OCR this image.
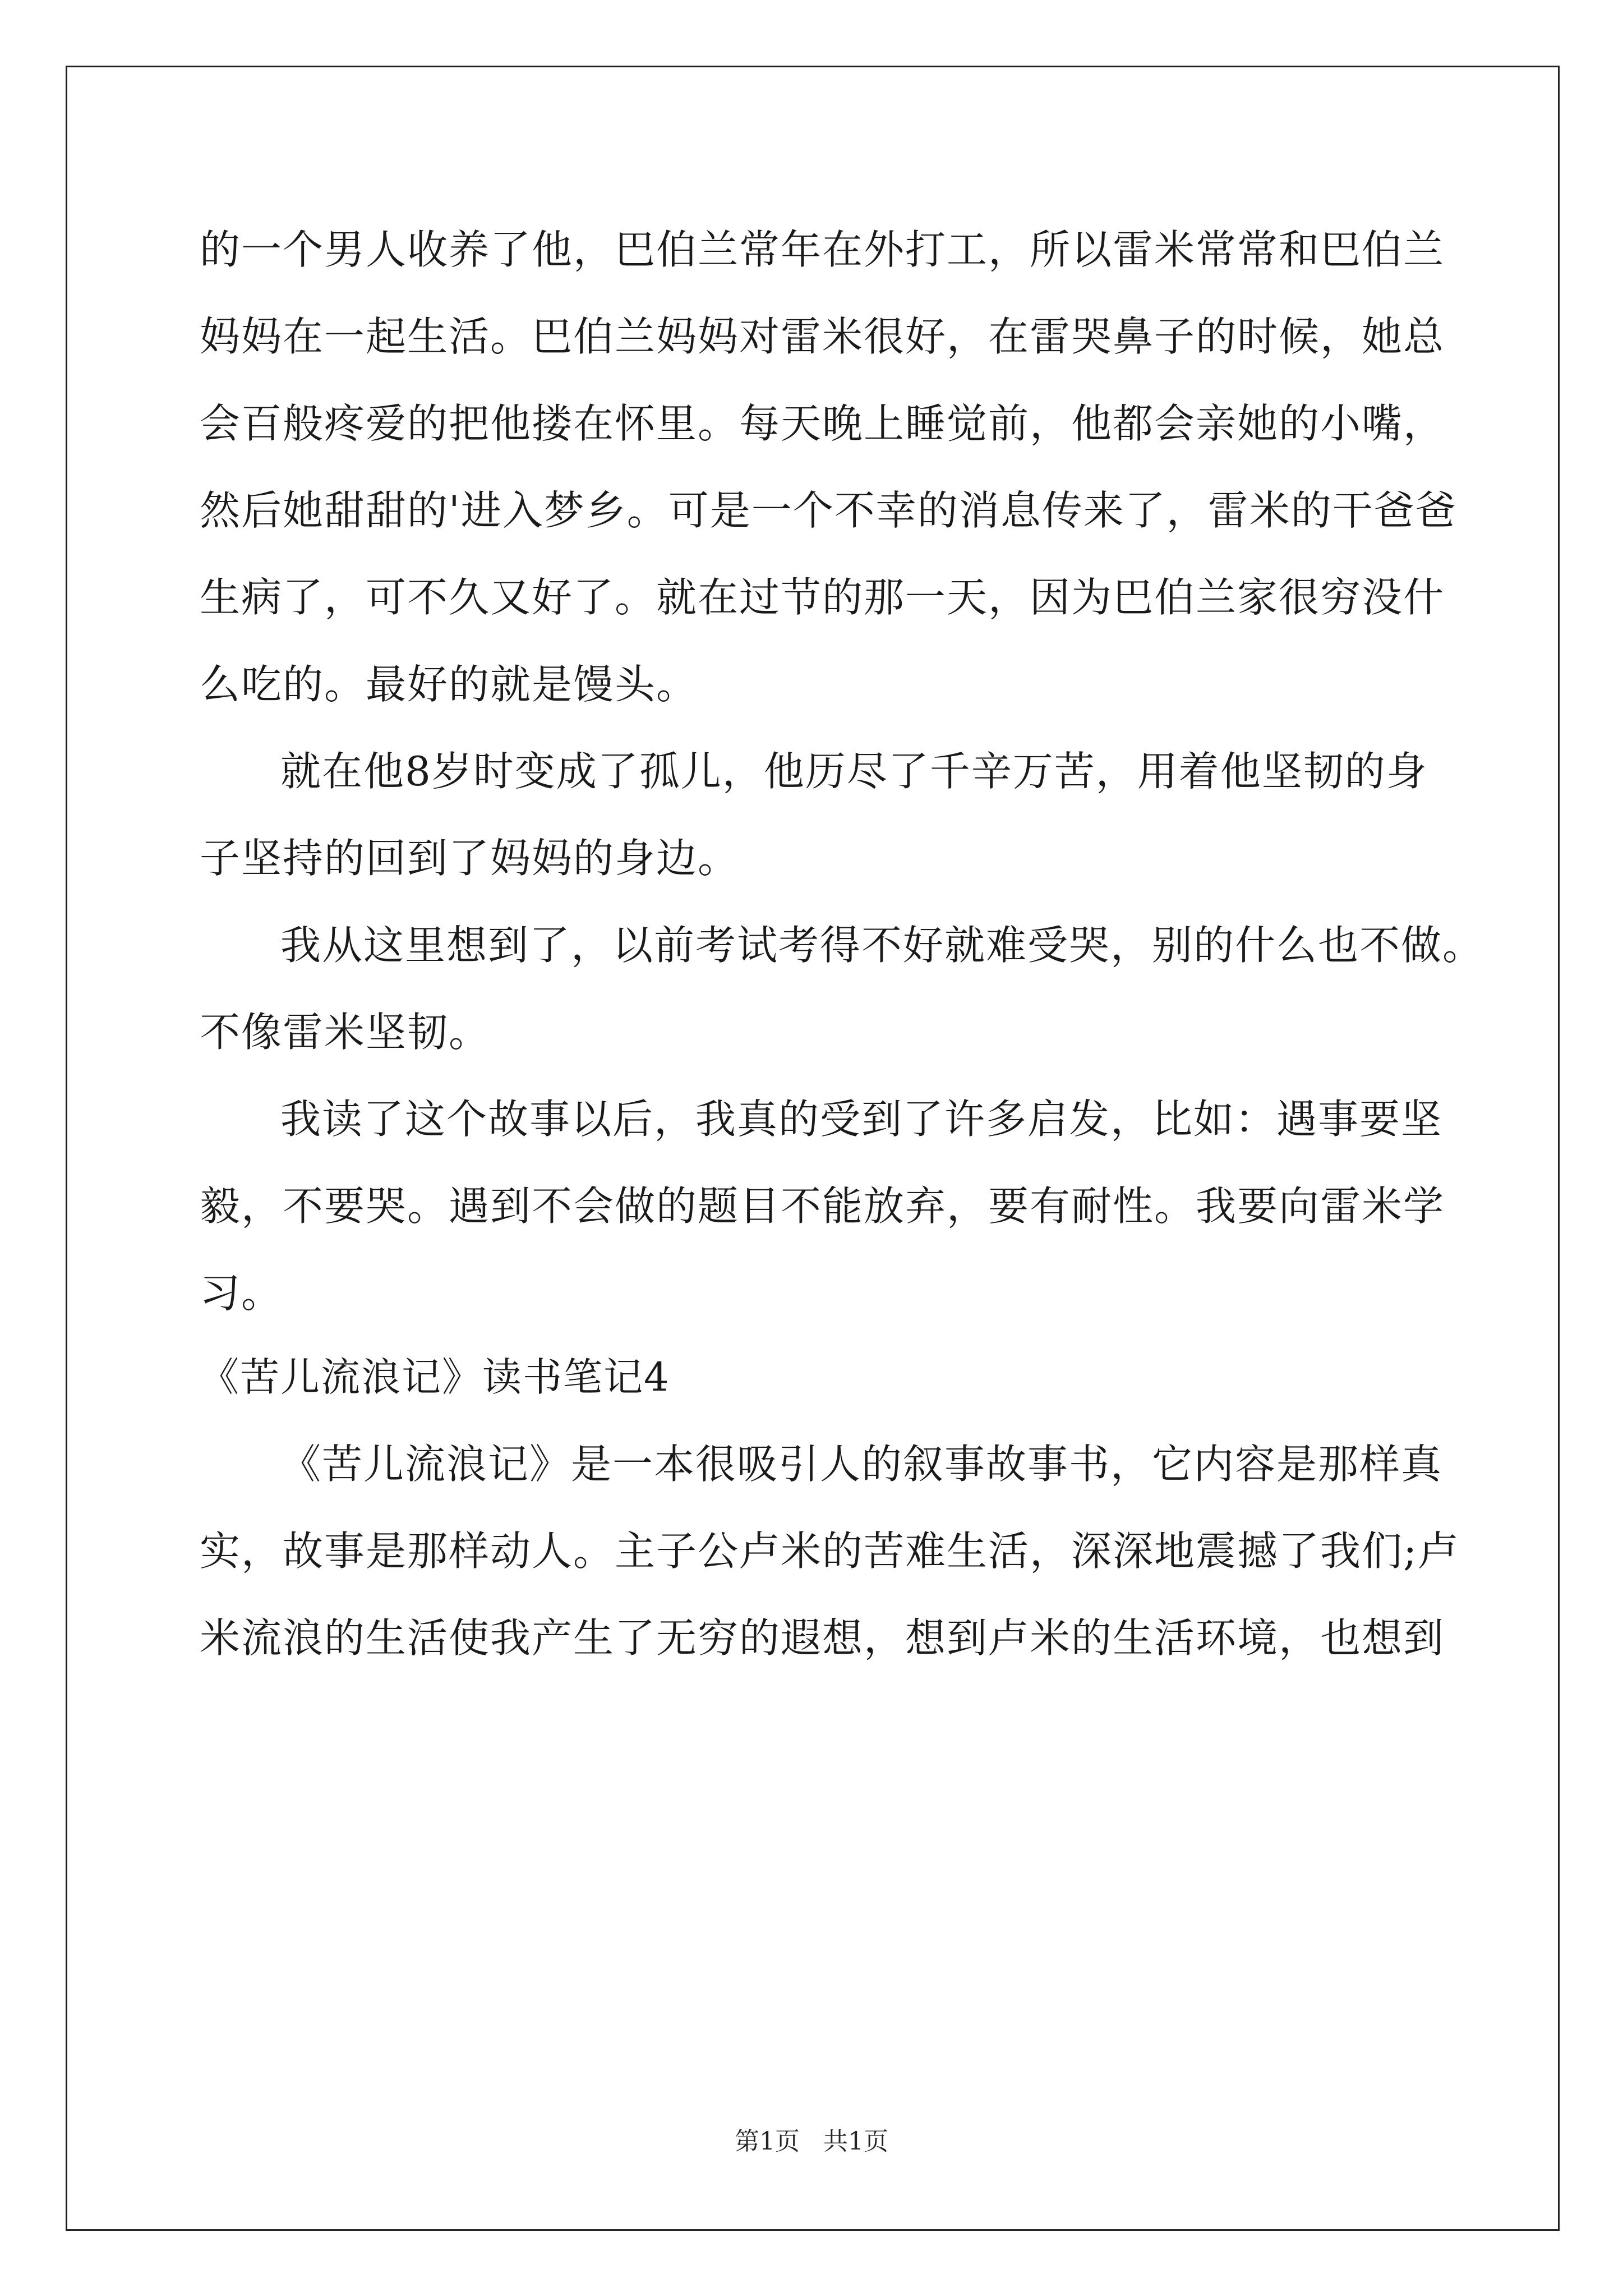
的一个男人收养了他，巴伯兰常年在外打工，所以雷米常常和巴伯兰
妈妈在一起生活。巴伯兰妈妈对雷米很好，在雷哭鼻子的时候，她总
会百般疼爱的把他搂在怀里。每天晚上睡觉前，他都会亲她的小嘴，
然后她甜甜的'进入梦乡。可是一个不幸的消息传来了，雷米的干爸爸
生病了，可不久又好了。就在过节的那一天，因为巴伯兰家很穷没什
么吃的。最好的就是馒头。
就在他8岁时变成了孤儿，他历尽了千辛万苦，用着他坚韧的身
子坚持的回到了妈妈的身边。
我从这里想到了，以前考试考得不好就难受哭，别的什么也不做。
不像雷米坚韧。
我读了这个故事以后，我真的受到了许多启发，比如：遇事要坚
毅，不要哭。遇到不会做的题目不能放弃，要有耐性。我要向雷米学
习。
《苦儿流浪记》读书笔记4
《苦儿流浪记》是一本很吸引人的叙事故事书，它内容是那样真
实，故事是那样动人。主子公卢米的苦难生活，深深地震撼了我们;卢
米流浪的生活使我产生了无穷的遐想，想到卢米的生活环境，也想到
第1页   共1页
